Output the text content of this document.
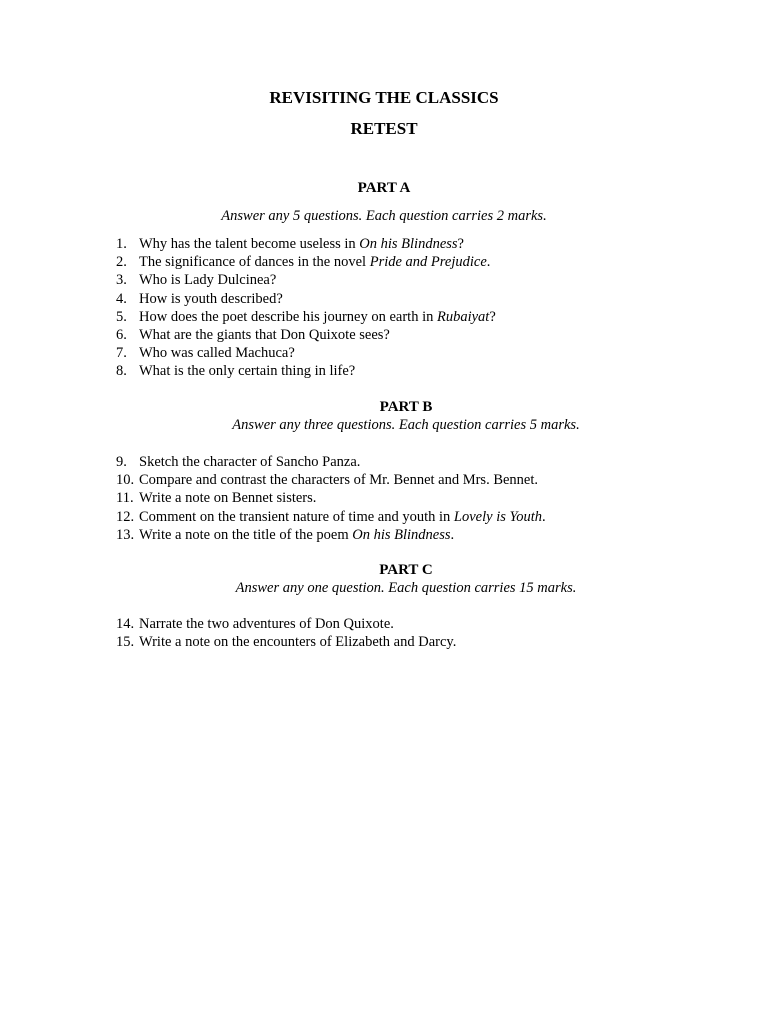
REVISITING THE CLASSICS
RETEST
PART A

Answer any 5 questions. Each question carries 2 marks.

1. Why has the talent become useless in On his Blindness?
2. The significance of dances in the novel Pride and Prejudice.
3. Who is Lady Dulcinea?
4. How is youth described?
5. How does the poet describe his journey on earth in Rubaiyat?
6. What are the giants that Don Quixote sees?
7. Who was called Machuca?
8. What is the only certain thing in life?
PART B

Answer any three questions. Each question carries 5 marks.

9. Sketch the character of Sancho Panza.
10. Compare and contrast the characters of Mr. Bennet and Mrs. Bennet.
11. Write a note on Bennet sisters.
12. Comment on the transient nature of time and youth in Lovely is Youth.
13. Write a note on the title of the poem On his Blindness.
PART C

Answer any one question. Each question carries 15 marks.

14. Narrate the two adventures of Don Quixote.
15. Write a note on the encounters of Elizabeth and Darcy.
